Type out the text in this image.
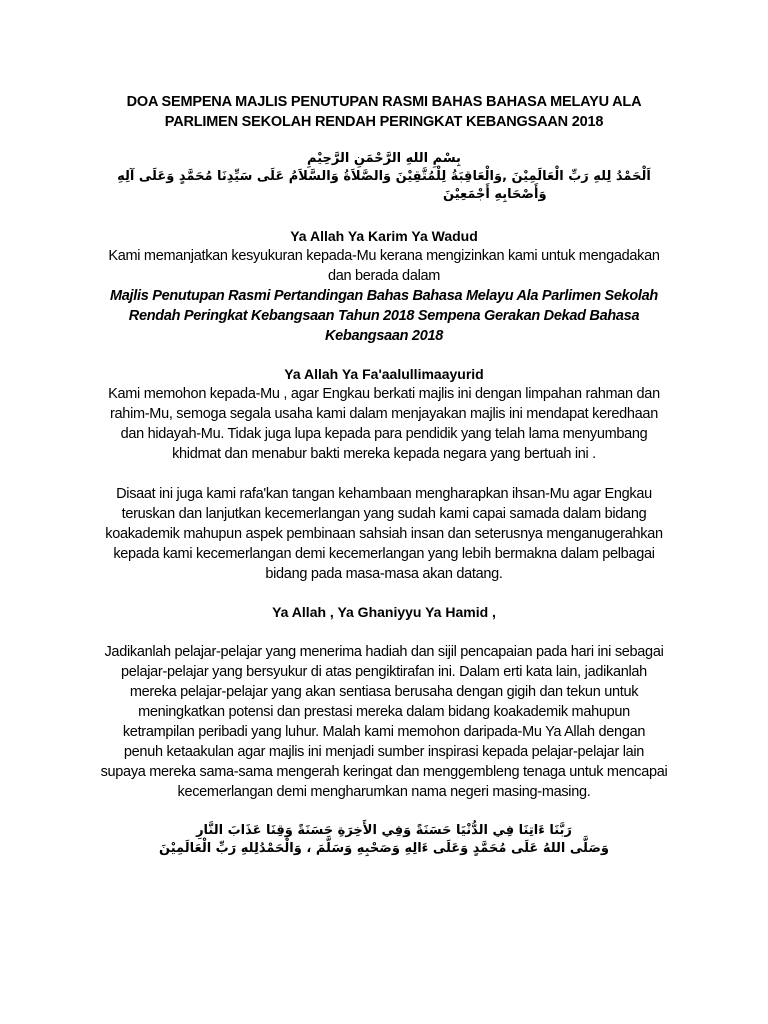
DOA SEMPENA MAJLIS PENUTUPAN RASMI BAHAS BAHASA MELAYU ALA

PARLIMEN SEKOLAH RENDAH PERINGKAT KEBANGSAAN 2018

بِسْمِ اللهِ الرَّحْمَنِ الرَّحِيْمِ

اَلْحَمْدُ لِلهِ رَبِّ الْعَالَمِيْنَ ,وَالْعَاقِبَةُ لِلْمُتَّقِيْنَ وَالصَّلاَةُ وَالسَّلاَمُ عَلَى سَيِّدِنَا مُحَمَّدٍ وَعَلَى آلِهِ

وَأَصْحَابِهِ أَجْمَعِيْنَ

Ya Allah Ya Karim Ya Wadud

Kami memanjatkan kesyukuran kepada-Mu kerana mengizinkan kami untuk mengadakan

dan berada dalam

Majlis Penutupan Rasmi Pertandingan Bahas Bahasa Melayu Ala Parlimen Sekolah

Rendah Peringkat Kebangsaan Tahun 2018 Sempena Gerakan Dekad Bahasa

Kebangsaan 2018

Ya Allah Ya Fa'aalullimaayurid

Kami memohon kepada-Mu , agar Engkau berkati majlis ini dengan limpahan rahman dan

rahim-Mu, semoga segala usaha kami dalam menjayakan majlis ini mendapat keredhaan

dan hidayah-Mu. Tidak juga lupa kepada para pendidik yang telah lama menyumbang

khidmat dan menabur bakti mereka kepada negara yang bertuah ini .

Disaat ini juga kami rafa'kan tangan kehambaan mengharapkan ihsan-Mu agar Engkau

teruskan dan lanjutkan kecemerlangan yang sudah kami capai samada dalam bidang

koakademik mahupun aspek pembinaan sahsiah insan dan seterusnya menganugerahkan

kepada kami kecemerlangan demi kecemerlangan yang lebih bermakna dalam pelbagai

bidang pada masa-masa akan datang.

Ya Allah , Ya Ghaniyyu Ya Hamid ,

Jadikanlah pelajar-pelajar yang menerima hadiah dan sijil pencapaian pada hari ini sebagai

pelajar-pelajar yang bersyukur di atas pengiktirafan ini. Dalam erti kata lain, jadikanlah

mereka pelajar-pelajar yang akan sentiasa berusaha dengan gigih dan tekun untuk

meningkatkan potensi dan prestasi mereka dalam bidang koakademik mahupun

ketrampilan peribadi yang luhur. Malah kami memohon daripada-Mu Ya Allah dengan

penuh ketaakulan agar majlis ini menjadi sumber inspirasi kepada pelajar-pelajar lain

supaya mereka sama-sama mengerah keringat dan menggembleng tenaga untuk mencapai

kecemerlangan demi mengharumkan nama negeri masing-masing.

رَبَّنَا ءَاتِنَا فِي الدُّنْيَا حَسَنَةً وَفِي الأَخِرَةِ حَسَنَةً وَقِنَا عَذَابَ النَّارِ

وَصَلَّى اللهُ عَلَى مُحَمَّدٍ وَعَلَى ءَالِهِ وَصَحْبِهِ وَسَلَّمَ ، وَالْحَمْدُلِلهِ رَبِّ الْعَالَمِيْنَ
